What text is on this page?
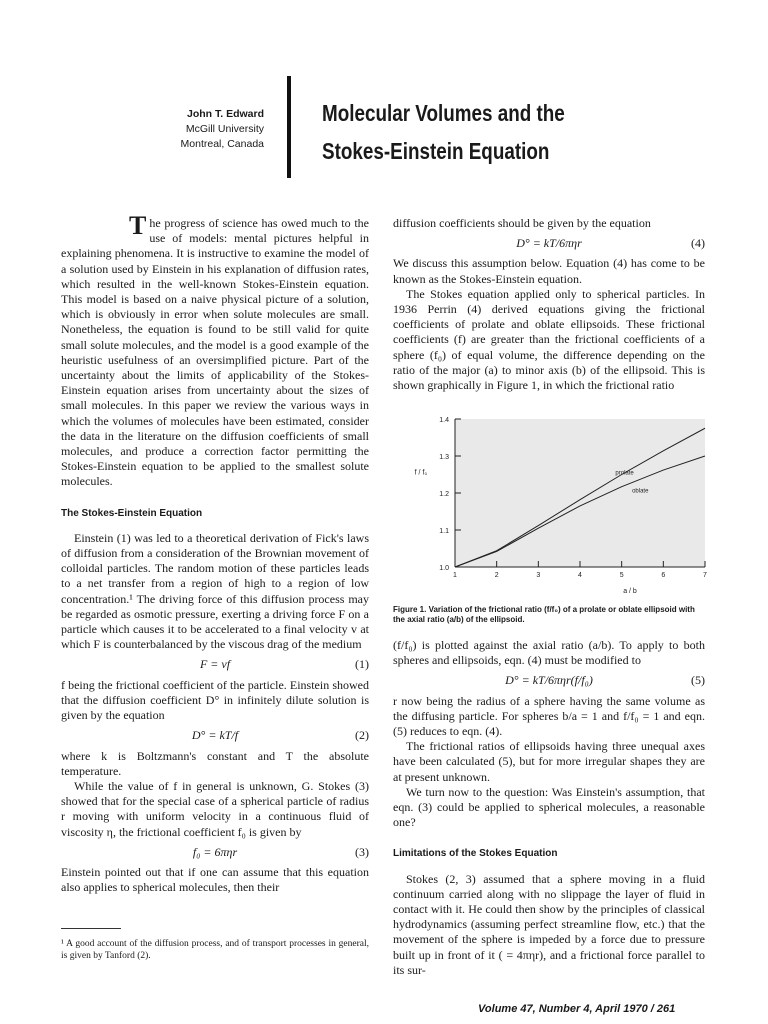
John T. Edward
McGill University
Montreal, Canada
Molecular Volumes and the
Stokes-Einstein Equation

The progress of science has owed much to the use of models: mental pictures helpful in explaining phenomena. It is instructive to examine the model of a solution used by Einstein in his explanation of diffusion rates, which resulted in the well-known Stokes-Einstein equation. This model is based on a naive physical picture of a solution, which is obviously in error when solute molecules are small. Nonetheless, the equation is found to be still valid for quite small solute molecules, and the model is a good example of the heuristic usefulness of an oversimplified picture. Part of the uncertainty about the limits of applicability of the Stokes-Einstein equation arises from uncertainty about the sizes of small molecules. In this paper we review the various ways in which the volumes of molecules have been estimated, consider the data in the literature on the diffusion coefficients of small molecules, and produce a correction factor permitting the Stokes-Einstein equation to be applied to the smallest solute molecules.

The Stokes-Einstein Equation

Einstein (1) was led to a theoretical derivation of Fick's laws of diffusion from a consideration of the Brownian movement of colloidal particles. The random motion of these particles leads to a net transfer from a region of high to a region of low concentration.¹ The driving force of this diffusion process may be regarded as osmotic pressure, exerting a driving force F on a particle which causes it to be accelerated to a final velocity v at which F is counterbalanced by the viscous drag of the medium

F = vf	(1)

f being the frictional coefficient of the particle. Einstein showed that the diffusion coefficient D° in infinitely dilute solution is given by the equation

D° = kT/f	(2)

where k is Boltzmann's constant and T the absolute temperature.

While the value of f in general is unknown, G. Stokes (3) showed that for the special case of a spherical particle of radius r moving with uniform velocity in a continuous fluid of viscosity η, the frictional coefficient f₀ is given by

f₀ = 6πηr	(3)

Einstein pointed out that if one can assume that this equation also applies to spherical molecules, then their

¹ A good account of the diffusion process, and of transport processes in general, is given by Tanford (2).

diffusion coefficients should be given by the equation

D° = kT/6πηr	(4)

We discuss this assumption below. Equation (4) has come to be known as the Stokes-Einstein equation.

The Stokes equation applied only to spherical particles. In 1936 Perrin (4) derived equations giving the frictional coefficients of prolate and oblate ellipsoids. These frictional coefficients (f) are greater than the frictional coefficients of a sphere (f₀) of equal volume, the difference depending on the ratio of the major (a) to minor axis (b) of the ellipsoid. This is shown graphically in Figure 1, in which the frictional ratio

1.0
1.1
1.2
1.3
1.4
1	2	3	4	5	6	7
a / b
f / f₀	prolate
oblate
Figure 1. Variation of the frictional ratio (f/f₀) of a prolate or oblate ellipsoid with the axial ratio (a/b) of the ellipsoid.

(f/f₀) is plotted against the axial ratio (a/b). To apply to both spheres and ellipsoids, eqn. (4) must be modified to

D° = kT/6πηr(f/f₀)	(5)

r now being the radius of a sphere having the same volume as the diffusing particle. For spheres b/a = 1 and f/f₀ = 1 and eqn. (5) reduces to eqn. (4).

The frictional ratios of ellipsoids having three unequal axes have been calculated (5), but for more irregular shapes they are at present unknown.

We turn now to the question: Was Einstein's assumption, that eqn. (3) could be applied to spherical molecules, a reasonable one?

Limitations of the Stokes Equation

Stokes (2, 3) assumed that a sphere moving in a fluid continuum carried along with no slippage the layer of fluid in contact with it. He could then show by the principles of classical hydrodynamics (assuming perfect streamline flow, etc.) that the movement of the sphere is impeded by a force due to pressure built up in front of it ( = 4πηr), and a frictional force parallel to its sur-

Volume 47, Number 4, April 1970 / 261
